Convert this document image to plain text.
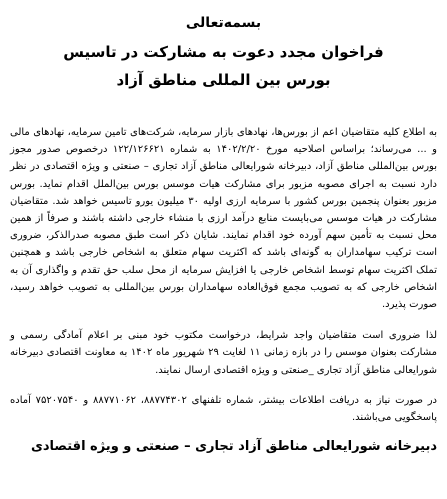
بسمه‌تعالی

فراخوان مجدد دعوت به مشارکت در تاسیس

بورس بین المللی مناطق آزاد

به اطلاع کلیه متقاضیان اعم از بورس‌ها، نهادهای بازار سرمایه، شرکت‌های تامین سرمایه، نهادهای مالی و ... می‌رساند؛ براساس اصلاحیه مورخ ۱۴۰۲/۲/۲۰ به شماره ۱۲۲/۱۲۶۶۲۱ درخصوص صدور مجوز بورس بین‌المللی مناطق آزاد، دبیرخانه شورایعالی مناطق آزاد تجاری – صنعتی و ویژه اقتصادی در نظر دارد نسبت به اجرای مصوبه مزبور برای مشارکت هیات موسس بورس بین‌الملل اقدام نماید. بورس مزبور بعنوان پنجمین بورس کشور با سرمایه ارزی اولیه ۳۰ میلیون یورو تاسیس خواهد شد. متقاضیان مشارکت در هیات موسس می‌بایست منابع درآمد ارزی با منشاء خارجی داشته باشند و صرفاً از همین محل نسبت به تأمین سهم آورده خود اقدام نمایند. شایان ذکر است طبق مصوبه صدرالذکر، ضروری است ترکیب سهامداران به گونه‌ای باشد که اکثریت سهام متعلق به اشخاص خارجی باشد و همچنین تملک اکثریت سهام توسط اشخاص خارجی یا افزایش سرمایه از محل سلب حق تقدم و واگذاری آن به اشخاص خارجی که به تصویب مجمع فوق‌العاده سهامداران بورس بین‌المللی به تصویب خواهد رسید، صورت پذیرد.

لذا ضروری است متقاضیان واجد شرایط، درخواست مکتوب خود مبنی بر اعلام آمادگی رسمی و مشارکت بعنوان موسس را در بازه زمانی ۱۱ لغایت ۲۹ شهریور ماه ۱۴۰۲ به معاونت اقتصادی دبیرخانه شورایعالی مناطق آزاد تجاری _صنعتی و ویژه اقتصادی ارسال نمایند.

در صورت نیاز به دریافت اطلاعات بیشتر، شماره تلفنهای ۸۸۷۷۴۳۰۲، ۸۸۷۷۱۰۶۲ و ۷۵۲۰۷۵۴۰ آماده پاسخگویی می‌باشند.

دبیرخانه شورایعالی مناطق آزاد تجاری – صنعتی و ویژه اقتصادی
